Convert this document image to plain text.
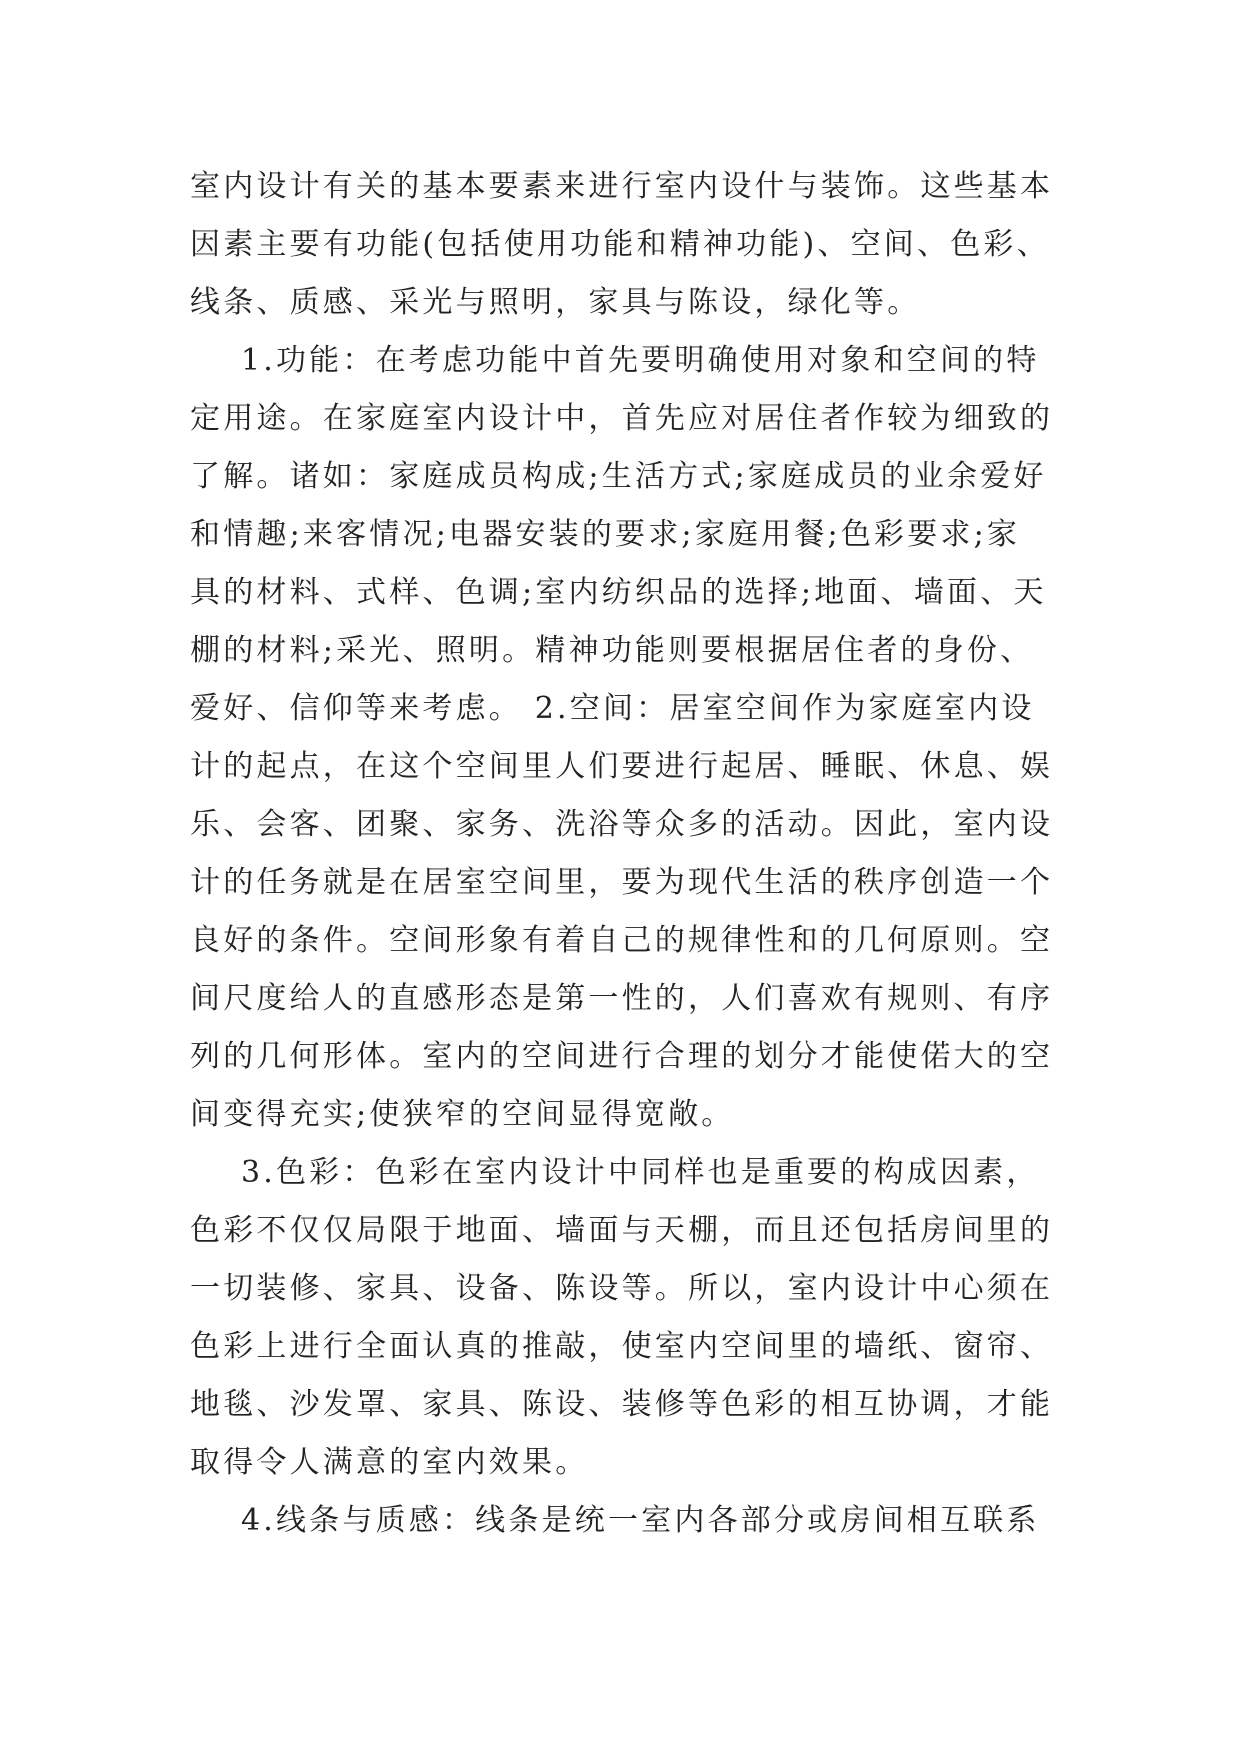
室内设计有关的基本要素来进行室内设什与装饰。这些基本
因素主要有功能(包括使用功能和精神功能)、空间、色彩、
线条、质感、采光与照明，家具与陈设，绿化等。
1.功能：在考虑功能中首先要明确使用对象和空间的特
定用途。在家庭室内设计中，首先应对居住者作较为细致的
了解。诸如：家庭成员构成;生活方式;家庭成员的业余爱好
和情趣;来客情况;电器安装的要求;家庭用餐;色彩要求;家
具的材料、式样、色调;室内纺织品的选择;地面、墙面、天
棚的材料;采光、照明。精神功能则要根据居住者的身份、
爱好、信仰等来考虑。 2.空间：居室空间作为家庭室内设
计的起点，在这个空间里人们要进行起居、睡眠、休息、娱
乐、会客、团聚、家务、洗浴等众多的活动。因此，室内设
计的任务就是在居室空间里，要为现代生活的秩序创造一个
良好的条件。空间形象有着自己的规律性和的几何原则。空
间尺度给人的直感形态是第一性的，人们喜欢有规则、有序
列的几何形体。室内的空间进行合理的划分才能使偌大的空
间变得充实;使狭窄的空间显得宽敞。
3.色彩：色彩在室内设计中同样也是重要的构成因素，
色彩不仅仅局限于地面、墙面与天棚，而且还包括房间里的
一切装修、家具、设备、陈设等。所以，室内设计中心须在
色彩上进行全面认真的推敲，使室内空间里的墙纸、窗帘、
地毯、沙发罩、家具、陈设、装修等色彩的相互协调，才能
取得令人满意的室内效果。
4.线条与质感：线条是统一室内各部分或房间相互联系
